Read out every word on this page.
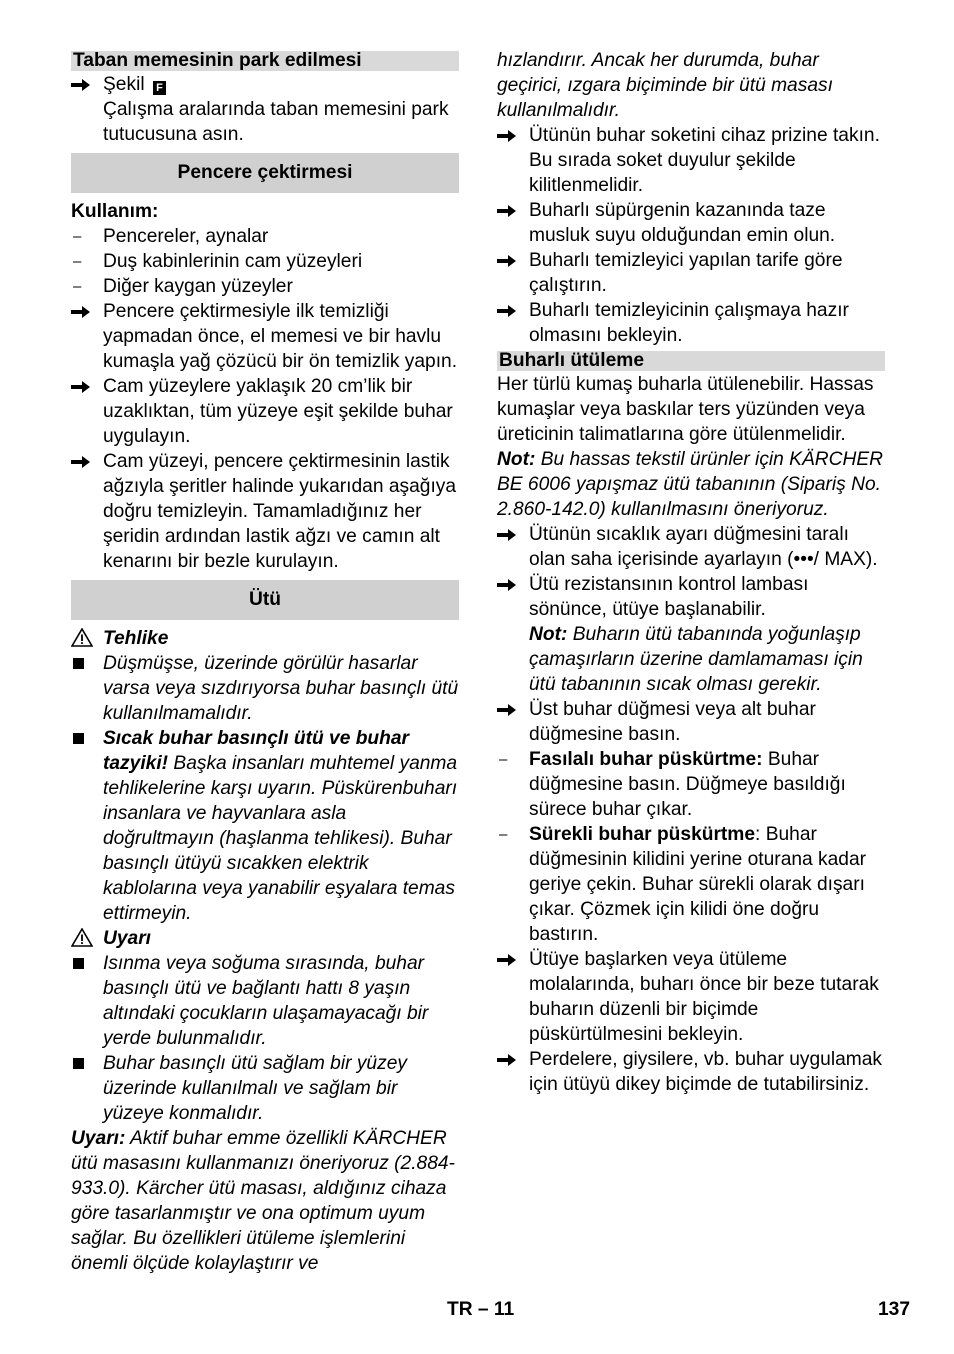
Taban memesinin park edilmesi
Şekil F
Çalışma aralarında taban memesini park tutucusuna asın.
Pencere çektirmesi
Kullanım:
–	Pencereler, aynalar
–	Duş kabinlerinin cam yüzeyleri
–	Diğer kaygan yüzeyler
Pencere çektirmesiyle ilk temizliği yapmadan önce, el memesi ve bir havlu kumaşla yağ çözücü bir ön temizlik yapın.
Cam yüzeylere yaklaşık 20 cm’lik bir uzaklıktan, tüm yüzeye eşit şekilde buhar uygulayın.
Cam yüzeyi, pencere çektirmesinin lastik ağzıyla şeritler halinde yukarıdan aşağıya doğru temizleyin. Tamamladığınız her şeridin ardından lastik ağzı ve camın alt kenarını bir bezle kurulayın.
Ütü
Tehlike
Düşmüşse, üzerinde görülür hasarlar varsa veya sızdırıyorsa buhar basınçlı ütü kullanılmamalıdır.
Sıcak buhar basınçlı ütü ve buhar tazyiki! Başka insanları muhtemel yanma tehlikelerine karşı uyarın. Püskürenbuharı insanlara ve hayvanlara asla doğrultmayın (haşlanma tehlikesi). Buhar basınçlı ütüyü sıcakken elektrik kablolarına veya yanabilir eşyalara temas ettirmeyin.
Uyarı
Isınma veya soğuma sırasında, buhar basınçlı ütü ve bağlantı hattı 8 yaşın altındaki çocukların ulaşamayacağı bir yerde bulunmalıdır.
Buhar basınçlı ütü sağlam bir yüzey üzerinde kullanılmalı ve sağlam bir yüzeye konmalıdır.

Uyarı: Aktif buhar emme özellikli KÄRCHER ütü masasını kullanmanızı öneriyoruz (2.884-933.0). Kärcher ütü masası, aldığınız cihaza göre tasarlanmıştır ve ona optimum uyum sağlar. Bu özellikleri ütüleme işlemlerini önemli ölçüde kolaylaştırır ve

hızlandırır. Ancak her durumda, buhar geçirici, ızgara biçiminde bir ütü masası kullanılmalıdır.

Ütünün buhar soketini cihaz prizine takın. Bu sırada soket duyulur şekilde kilitlenmelidir.
Buharlı süpürgenin kazanında taze musluk suyu olduğundan emin olun.
Buharlı temizleyici yapılan tarife göre çalıştırın.
Buharlı temizleyicinin çalışmaya hazır olmasını bekleyin.
Buharlı ütüleme

Her türlü kumaş buharla ütülenebilir. Hassas kumaşlar veya baskılar ters yüzünden veya üreticinin talimatlarına göre ütülenmelidir.

Not: Bu hassas tekstil ürünler için KÄRCHER BE 6006 yapışmaz ütü tabanının (Sipariş No. 2.860-142.0) kullanılmasını öneriyoruz.

Ütünün sıcaklık ayarı düğmesini taralı olan saha içerisinde ayarlayın (•••/ MAX).
Ütü rezistansının kontrol lambası sönünce, ütüye başlanabilir.
Not: Buharın ütü tabanında yoğunlaşıp çamaşırların üzerine damlamaması için ütü tabanının sıcak olması gerekir.
Üst buhar düğmesi veya alt buhar düğmesine basın.
–	Fasılalı buhar püskürtme: Buhar düğmesine basın. Düğmeye basıldığı sürece buhar çıkar.
–	Sürekli buhar püskürtme: Buhar düğmesinin kilidini yerine oturana kadar geriye çekin. Buhar sürekli olarak dışarı çıkar. Çözmek için kilidi öne doğru bastırın.
Ütüye başlarken veya ütüleme molalarında, buharı önce bir beze tutarak buharın düzenli bir biçimde püskürtülmesini bekleyin.
Perdelere, giysilere, vb. buhar uygulamak için ütüyü dikey biçimde de tutabilirsiniz.
TR – 11	137
